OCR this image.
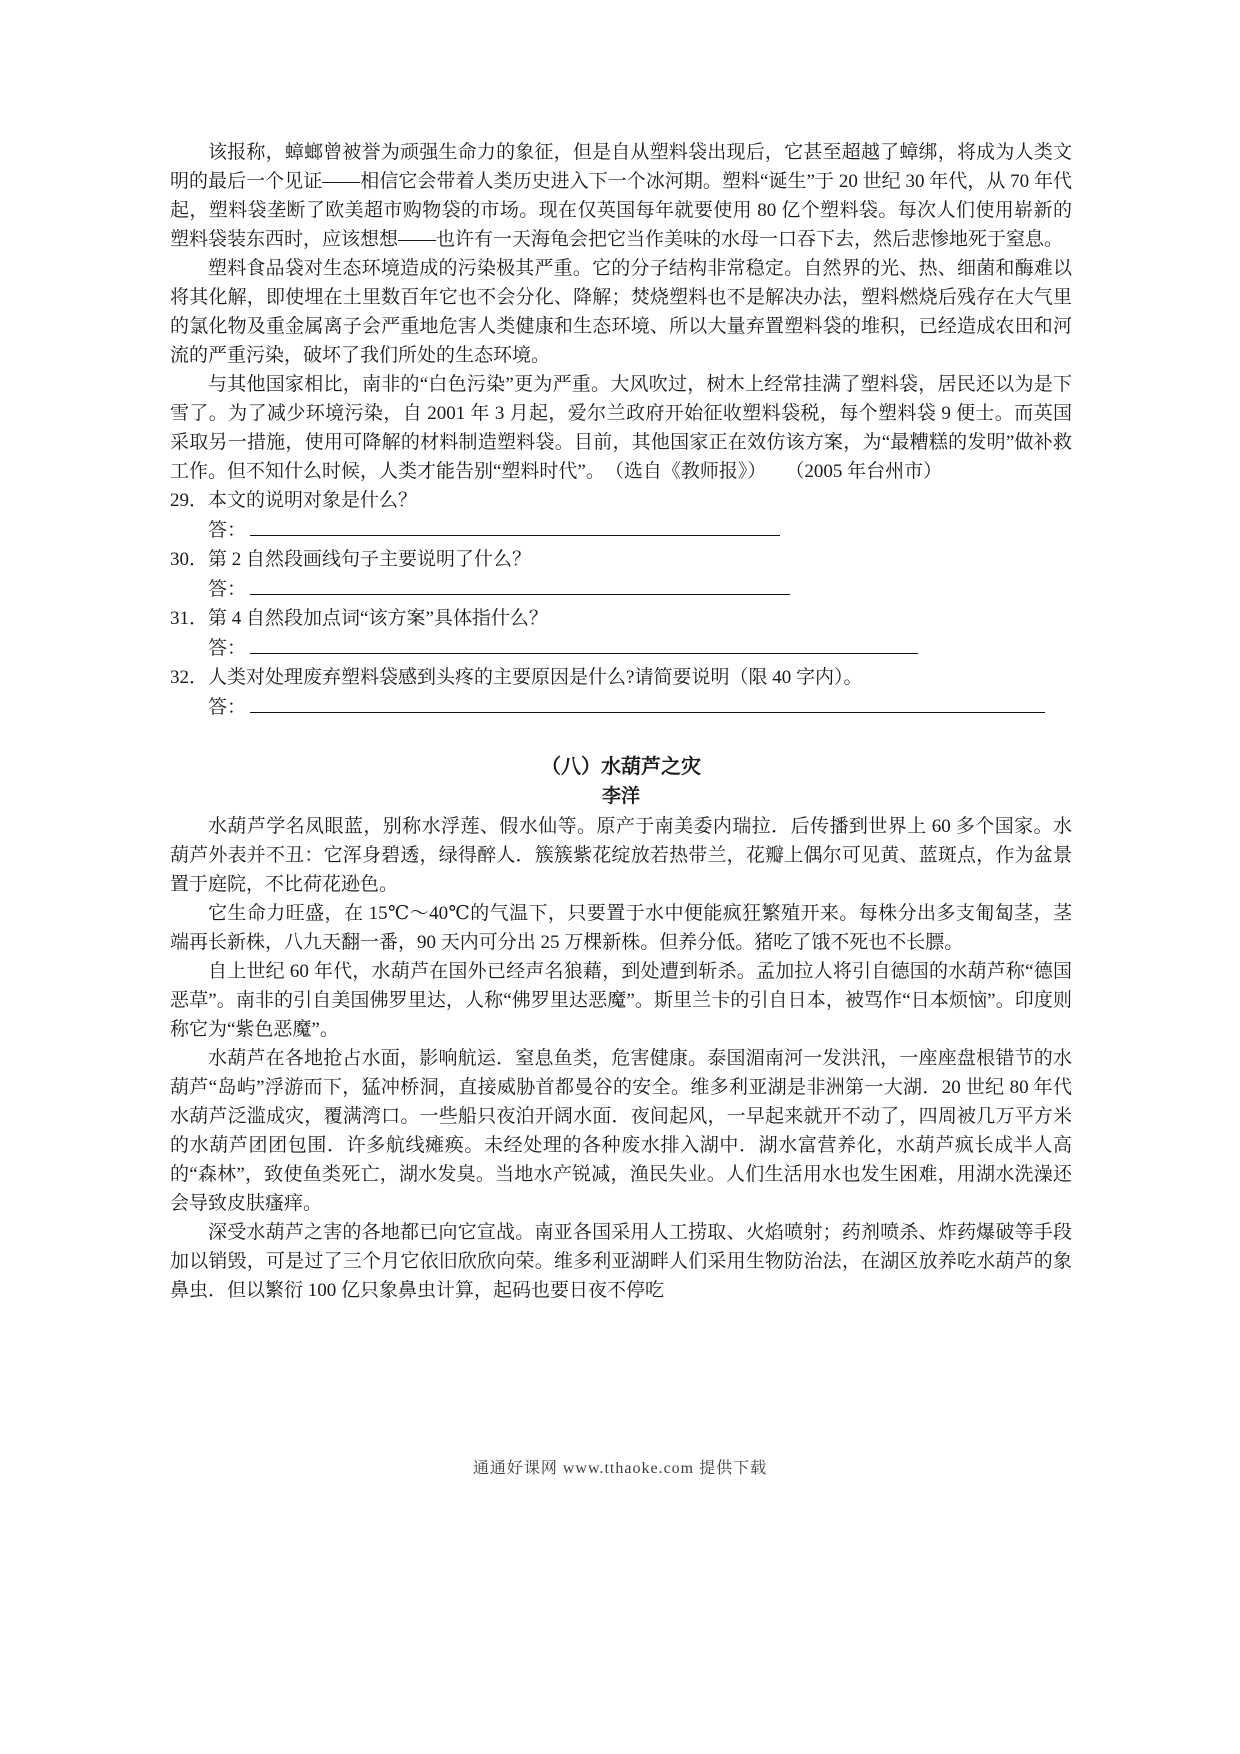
该报称，蟑螂曾被誉为顽强生命力的象征，但是自从塑料袋出现后，它甚至超越了蟑绑，将成为人类文明的最后一个见证——相信它会带着人类历史进入下一个冰河期。塑料“诞生”于 20 世纪 30 年代，从 70 年代起，塑料袋垄断了欧美超市购物袋的市场。现在仅英国每年就要使用 80 亿个塑料袋。每次人们使用崭新的塑料袋装东西时，应该想想——也许有一天海龟会把它当作美味的水母一口吞下去，然后悲惨地死于窒息。

塑料食品袋对生态环境造成的污染极其严重。它的分子结构非常稳定。自然界的光、热、细菌和酶难以将其化解，即使埋在土里数百年它也不会分化、降解；焚烧塑料也不是解决办法，塑料燃烧后残存在大气里的氯化物及重金属离子会严重地危害人类健康和生态环境、所以大量弃置塑料袋的堆积，已经造成农田和河流的严重污染，破坏了我们所处的生态环境。

与其他国家相比，南非的“白色污染”更为严重。大风吹过，树木上经常挂满了塑料袋，居民还以为是下雪了。为了减少环境污染，自 2001 年 3 月起，爱尔兰政府开始征收塑料袋税，每个塑料袋 9 便士。而英国采取另一措施，使用可降解的材料制造塑料袋。目前，其他国家正在效仿该方案，为“最糟糕的发明”做补救工作。但不知什么时候，人类才能告别“塑料时代”。　（选自《教师报》）　　（2005 年台州市）

29．本文的说明对象是什么？
答：
30．第 2 自然段画线句子主要说明了什么？
答：
31．第 4 自然段加点词“该方案”具体指什么？
答：
32．人类对处理废弃塑料袋感到头疼的主要原因是什么?请简要说明（限 40 字内）。
答：
（八）水葫芦之灾
李洋

水葫芦学名凤眼蓝，别称水浮莲、假水仙等。原产于南美委内瑞拉．后传播到世界上 60 多个国家。水葫芦外表并不丑：它浑身碧透，绿得醉人．簇簇紫花绽放若热带兰，花瓣上偶尔可见黄、蓝斑点，作为盆景置于庭院，不比荷花逊色。

它生命力旺盛，在 15℃～40℃的气温下，只要置于水中便能疯狂繁殖开来。每株分出多支匍匐茎，茎端再长新株，八九天翻一番，90 天内可分出 25 万棵新株。但养分低。猪吃了饿不死也不长膘。

自上世纪 60 年代，水葫芦在国外已经声名狼藉，到处遭到斩杀。孟加拉人将引自德国的水葫芦称“德国恶草”。南非的引自美国佛罗里达，人称“佛罗里达恶魔”。斯里兰卡的引自日本，被骂作“日本烦恼”。印度则称它为“紫色恶魔”。

水葫芦在各地抢占水面，影响航运．窒息鱼类，危害健康。泰国湄南河一发洪汛，一座座盘根错节的水葫芦“岛屿”浮游而下，猛冲桥洞，直接威胁首都曼谷的安全。维多利亚湖是非洲第一大湖．20 世纪 80 年代水葫芦泛滥成灾，覆满湾口。一些船只夜泊开阔水面．夜间起风，一早起来就开不动了，四周被几万平方米的水葫芦团团包围．许多航线瘫痪。未经处理的各种废水排入湖中．湖水富营养化，水葫芦疯长成半人高的“森林”，致使鱼类死亡，湖水发臭。当地水产锐减，渔民失业。人们生活用水也发生困难，用湖水洗澡还会导致皮肤瘙痒。

深受水葫芦之害的各地都已向它宣战。南亚各国采用人工捞取、火焰喷射；药剂喷杀、炸药爆破等手段加以销毁，可是过了三个月它依旧欣欣向荣。维多利亚湖畔人们采用生物防治法，在湖区放养吃水葫芦的象鼻虫．但以繁衍 100 亿只象鼻虫计算，起码也要日夜不停吃

通通好课网 www.tthaoke.com 提供下载
